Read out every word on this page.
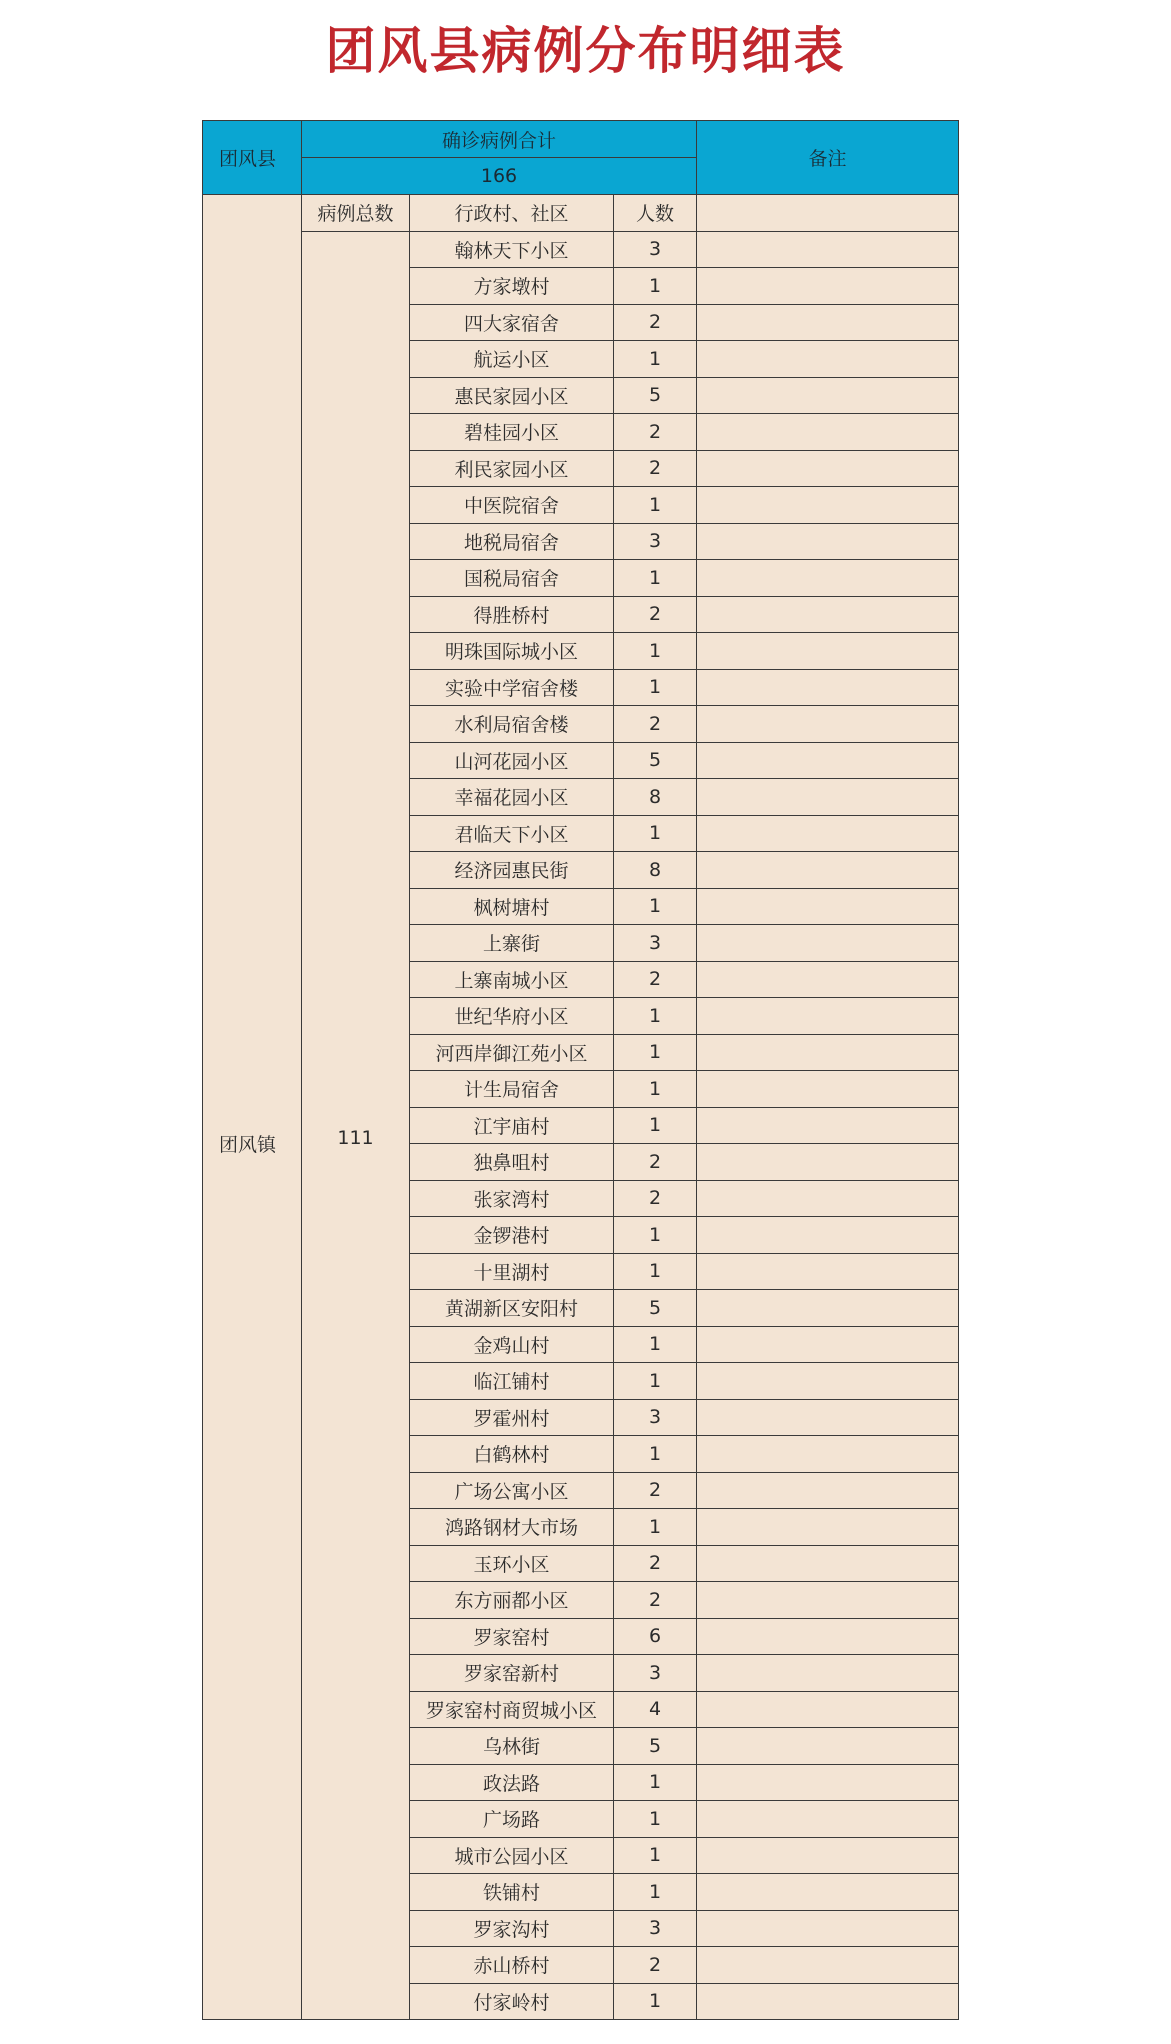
团风县病例分布明细表
团风县	确诊病例合计			备注
	166			

团风镇	病例总数	行政村、社区	人数	

	111	翰林天下小区	3	
		方家墩村	1	
		四大家宿舍	2	
		航运小区	1	
		惠民家园小区	5	
		碧桂园小区	2	
		利民家园小区	2	
		中医院宿舍	1	
		地税局宿舍	3	
		国税局宿舍	1	
		得胜桥村	2	
		明珠国际城小区	1	
		实验中学宿舍楼	1	
		水利局宿舍楼	2	
		山河花园小区	5	
		幸福花园小区	8	
		君临天下小区	1	
		经济园惠民街	8	
		枫树塘村	1	
		上寨街	3	
		上寨南城小区	2	
		世纪华府小区	1	
		河西岸御江苑小区	1	
		计生局宿舍	1	
		江宇庙村	1	
		独鼻咀村	2	
		张家湾村	2	
		金锣港村	1	
		十里湖村	1	
		黄湖新区安阳村	5	
		金鸡山村	1	
		临江铺村	1	
		罗霍州村	3	
		白鹤林村	1	
		广场公寓小区	2	
		鸿路钢材大市场	1	
		玉环小区	2	
		东方丽都小区	2	
		罗家窑村	6	
		罗家窑新村	3	
		罗家窑村商贸城小区	4	
		乌林街	5	
		政法路	1	
		广场路	1	
		城市公园小区	1	
		铁铺村	1	
		罗家沟村	3	
		赤山桥村	2	
		付家岭村	1	
